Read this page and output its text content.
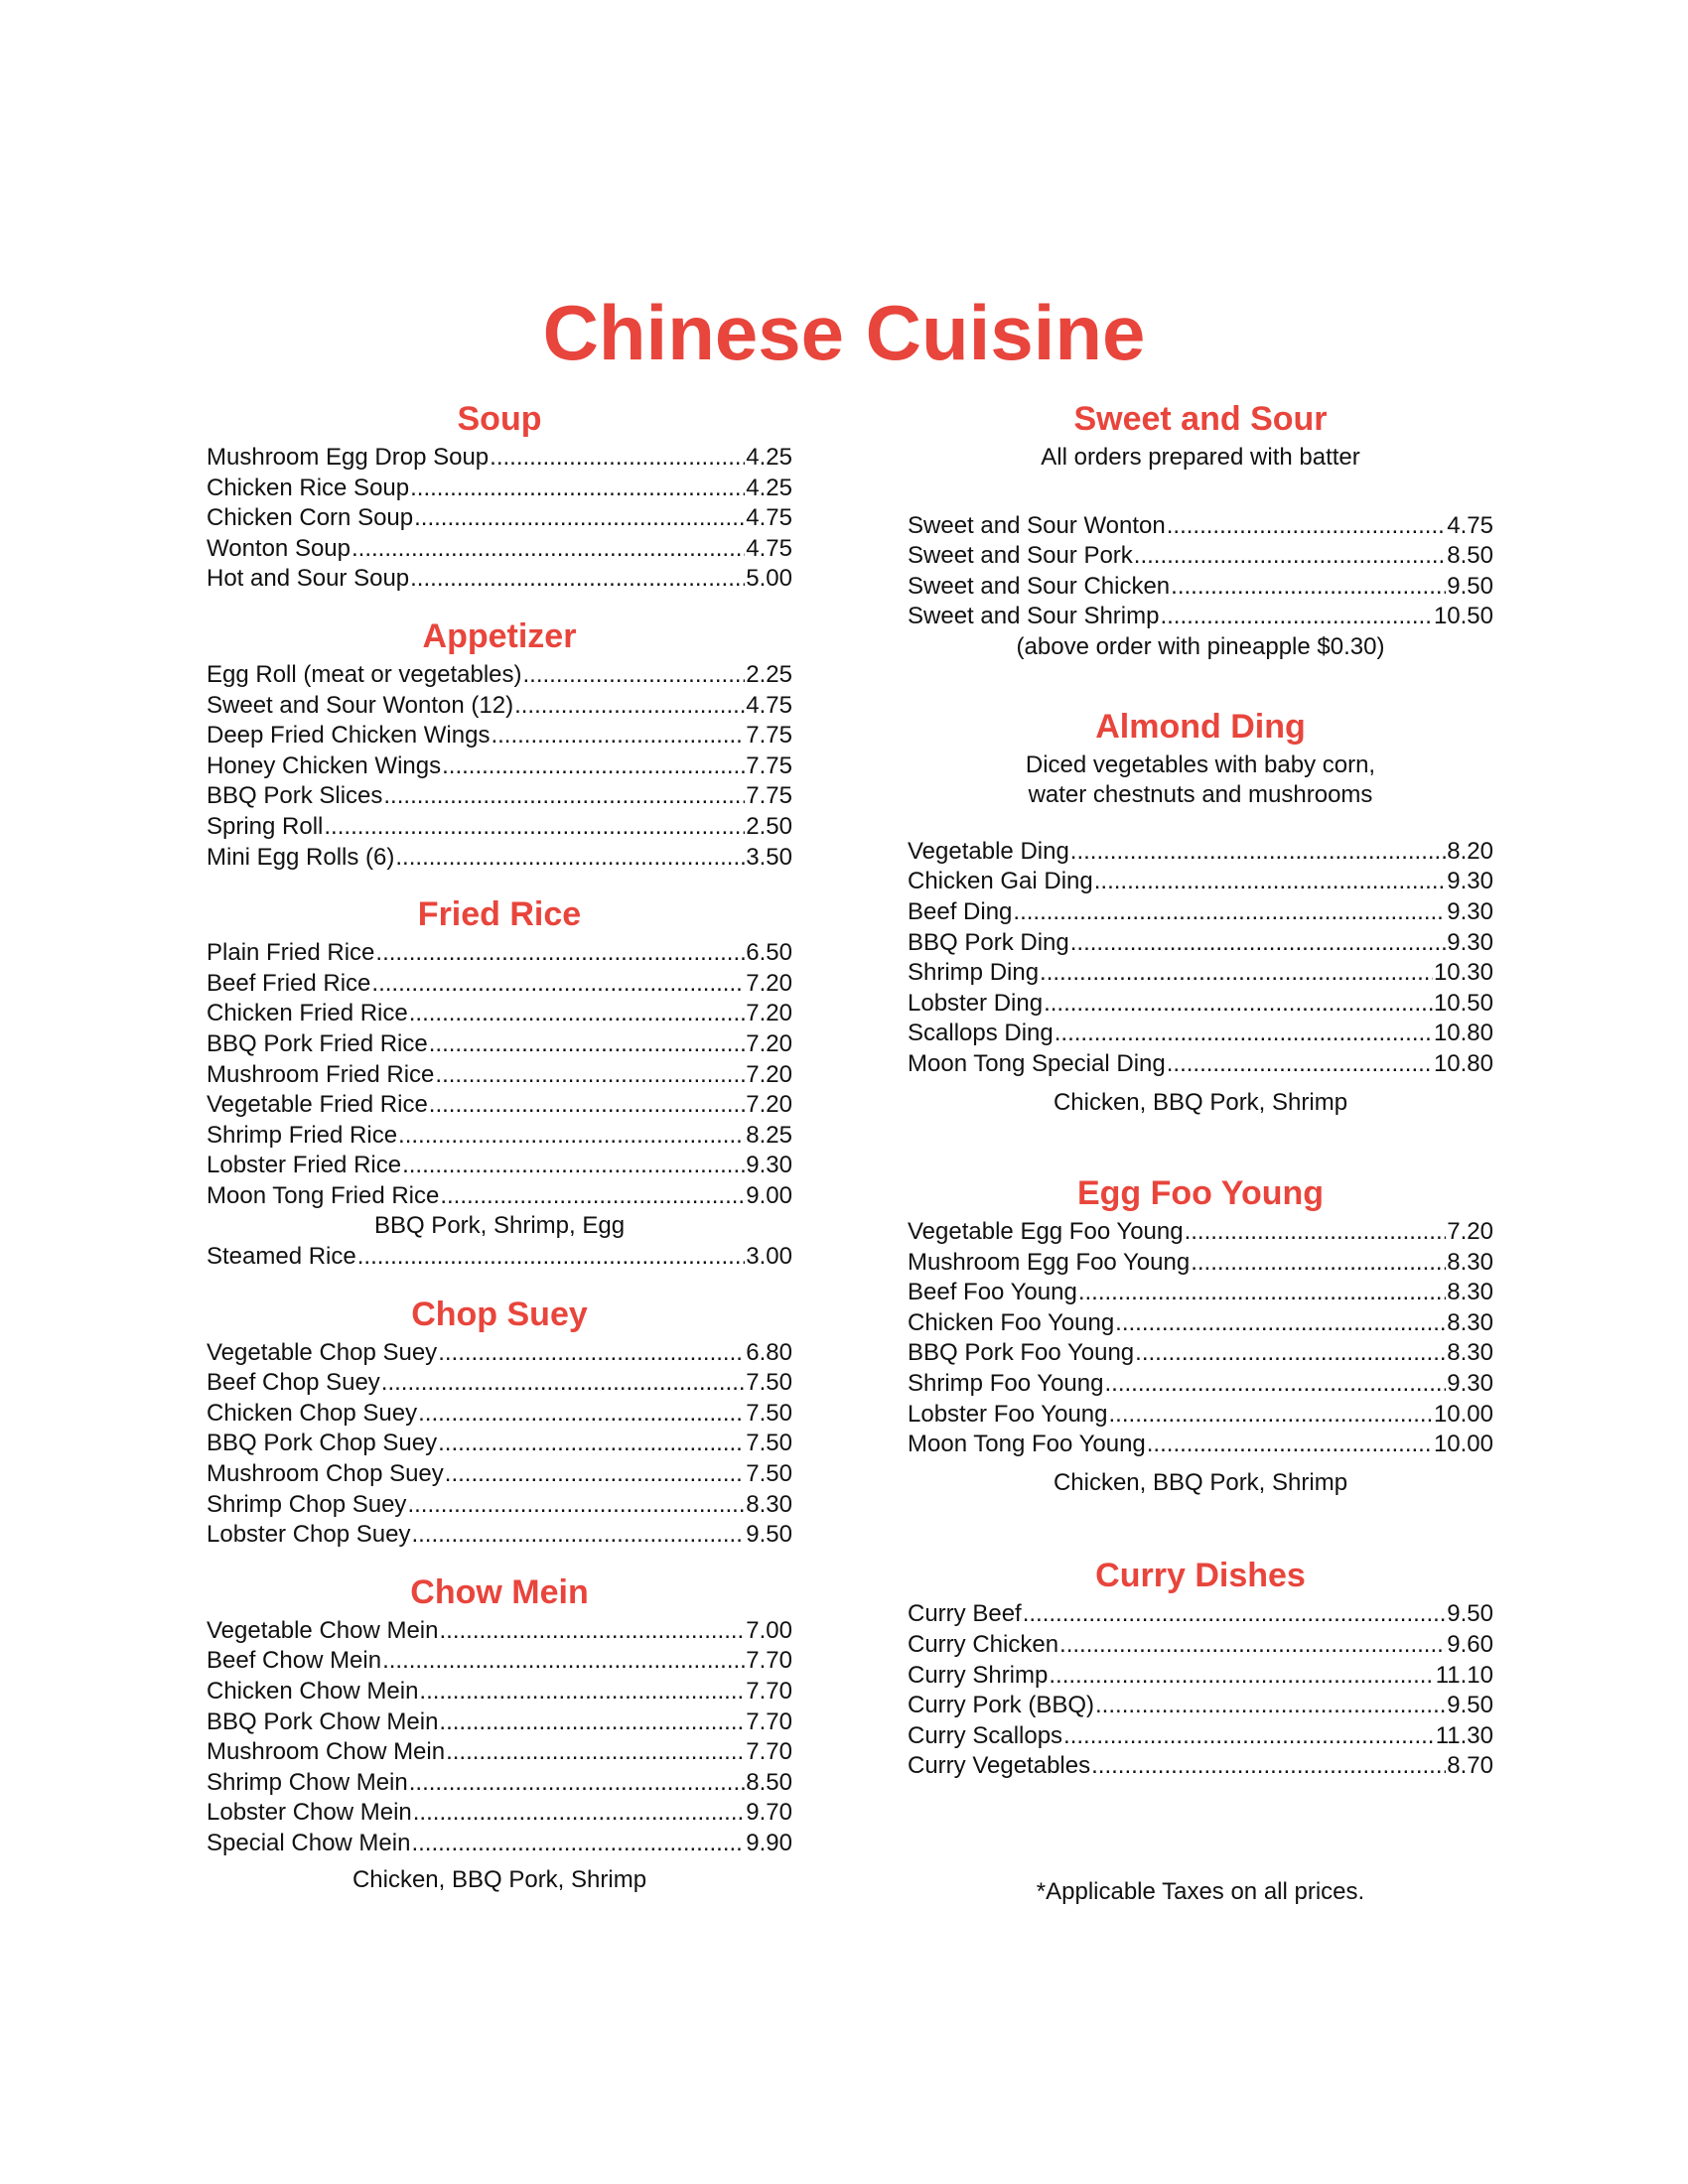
Chinese Cuisine
Soup
Mushroom Egg Drop Soup .....	4.25
Chicken Rice Soup .....	4.25
Chicken Corn Soup .....	4.75
Wonton Soup .....	4.75
Hot and Sour Soup .....	5.00
Appetizer
Egg Roll (meat or vegetables) .....	2.25
Sweet and Sour Wonton (12) .....	4.75
Deep Fried Chicken Wings .....	7.75
Honey Chicken Wings .....	7.75
BBQ Pork Slices .....	7.75
Spring Roll .....	2.50
Mini Egg Rolls (6) .....	3.50
Fried Rice
Plain Fried Rice .....	6.50
Beef Fried Rice .....	7.20
Chicken Fried Rice .....	7.20
BBQ Pork Fried Rice .....	7.20
Mushroom Fried Rice .....	7.20
Vegetable Fried Rice .....	7.20
Shrimp Fried Rice .....	8.25
Lobster Fried Rice .....	9.30
Moon Tong Fried Rice .....	9.00

BBQ Pork, Shrimp, Egg

Steamed Rice .....	3.00
Chop Suey
Vegetable Chop Suey .....	6.80
Beef Chop Suey .....	7.50
Chicken Chop Suey .....	7.50
BBQ Pork Chop Suey .....	7.50
Mushroom Chop Suey .....	7.50
Shrimp Chop Suey .....	8.30
Lobster Chop Suey .....	9.50
Chow Mein
Vegetable Chow Mein .....	7.00
Beef Chow Mein .....	7.70
Chicken Chow Mein .....	7.70
BBQ Pork Chow Mein .....	7.70
Mushroom Chow Mein .....	7.70
Shrimp Chow Mein .....	8.50
Lobster Chow Mein .....	9.70
Special Chow Mein .....	9.90

Chicken, BBQ Pork, Shrimp

Sweet and Sour

All orders prepared with batter

Sweet and Sour Wonton .....	4.75
Sweet and Sour Pork .....	8.50
Sweet and Sour Chicken .....	9.50
Sweet and Sour Shrimp .....	10.50

(above order with pineapple $0.30)

Almond Ding

Diced vegetables with baby corn,
water chestnuts and mushrooms

Vegetable Ding .....	8.20
Chicken Gai Ding .....	9.30
Beef Ding .....	9.30
BBQ Pork Ding .....	9.30
Shrimp Ding .....	10.30
Lobster Ding .....	10.50
Scallops Ding .....	10.80
Moon Tong Special Ding .....	10.80

Chicken, BBQ Pork, Shrimp

Egg Foo Young
Vegetable Egg Foo Young .....	7.20
Mushroom Egg Foo Young .....	8.30
Beef Foo Young .....	8.30
Chicken Foo Young .....	8.30
BBQ Pork Foo Young .....	8.30
Shrimp Foo Young .....	9.30
Lobster Foo Young .....	10.00
Moon Tong Foo Young .....	10.00

Chicken, BBQ Pork, Shrimp

Curry Dishes
Curry Beef .....	9.50
Curry Chicken .....	9.60
Curry Shrimp .....	11.10
Curry Pork (BBQ) .....	9.50
Curry Scallops .....	11.30
Curry Vegetables .....	8.70
*Applicable Taxes on all prices.
